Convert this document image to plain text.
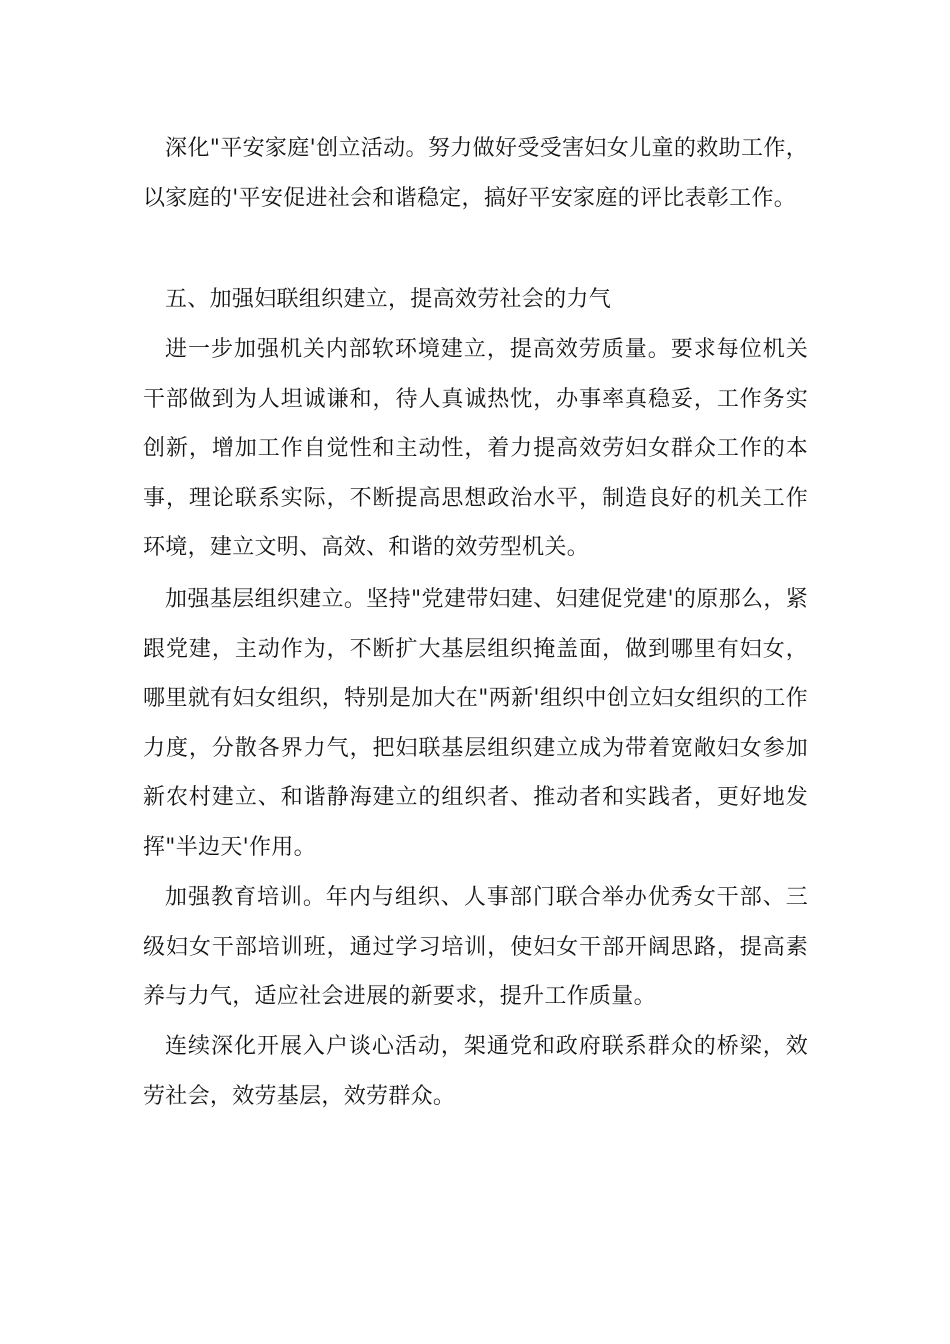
深化"平安家庭'创立活动。努力做好受受害妇女儿童的救助工作，以家庭的'平安促进社会和谐稳定，搞好平安家庭的评比表彰工作。

五、加强妇联组织建立，提高效劳社会的力气

进一步加强机关内部软环境建立，提高效劳质量。要求每位机关干部做到为人坦诚谦和，待人真诚热忱，办事率真稳妥，工作务实创新，增加工作自觉性和主动性，着力提高效劳妇女群众工作的本事，理论联系实际，不断提高思想政治水平，制造良好的机关工作环境，建立文明、高效、和谐的效劳型机关。

加强基层组织建立。坚持"党建带妇建、妇建促党建'的原那么，紧跟党建，主动作为，不断扩大基层组织掩盖面，做到哪里有妇女，哪里就有妇女组织，特别是加大在"两新'组织中创立妇女组织的工作力度，分散各界力气，把妇联基层组织建立成为带着宽敞妇女参加新农村建立、和谐静海建立的组织者、推动者和实践者，更好地发挥"半边天'作用。

加强教育培训。年内与组织、人事部门联合举办优秀女干部、三级妇女干部培训班，通过学习培训，使妇女干部开阔思路，提高素养与力气，适应社会进展的新要求，提升工作质量。

连续深化开展入户谈心活动，架通党和政府联系群众的桥梁，效劳社会，效劳基层，效劳群众。
